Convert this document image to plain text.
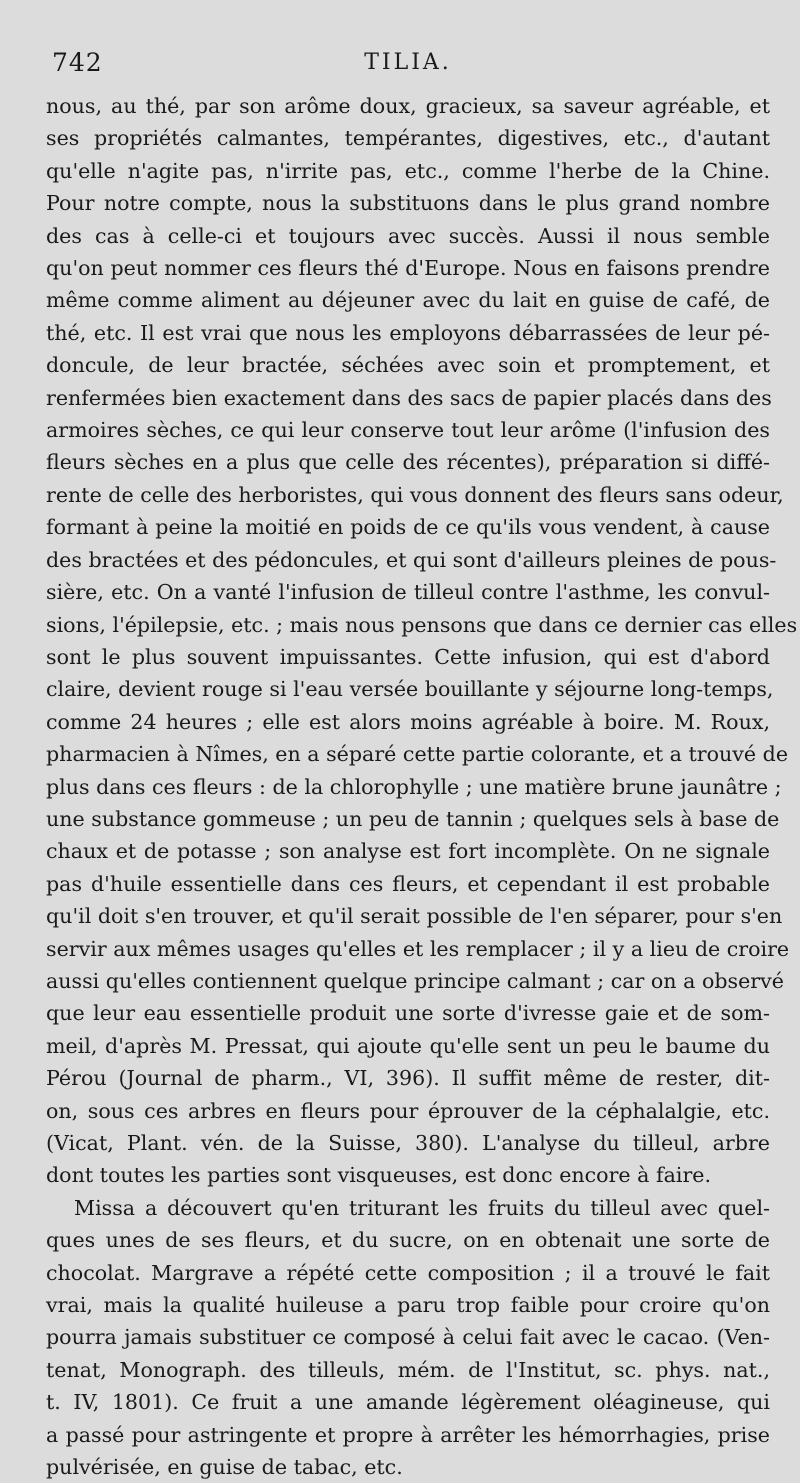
742	TILIA.

nous, au thé, par son arôme doux, gracieux, sa saveur agréable, et
ses propriétés calmantes, tempérantes, digestives, etc., d'autant
qu'elle n'agite pas, n'irrite pas, etc., comme l'herbe de la Chine.
Pour notre compte, nous la substituons dans le plus grand nombre
des cas à celle-ci et toujours avec succès. Aussi il nous semble
qu'on peut nommer ces fleurs thé d'Europe. Nous en faisons prendre
même comme aliment au déjeuner avec du lait en guise de café, de
thé, etc. Il est vrai que nous les employons débarrassées de leur pé-
doncule, de leur bractée, séchées avec soin et promptement, et
renfermées bien exactement dans des sacs de papier placés dans des
armoires sèches, ce qui leur conserve tout leur arôme (l'infusion des
fleurs sèches en a plus que celle des récentes), préparation si diffé-
rente de celle des herboristes, qui vous donnent des fleurs sans odeur,
formant à peine la moitié en poids de ce qu'ils vous vendent, à cause
des bractées et des pédoncules, et qui sont d'ailleurs pleines de pous-
sière, etc. On a vanté l'infusion de tilleul contre l'asthme, les convul-
sions, l'épilepsie, etc. ; mais nous pensons que dans ce dernier cas elles
sont le plus souvent impuissantes. Cette infusion, qui est d'abord
claire, devient rouge si l'eau versée bouillante y séjourne long-temps,
comme 24 heures ; elle est alors moins agréable à boire. M. Roux,
pharmacien à Nîmes, en a séparé cette partie colorante, et a trouvé de
plus dans ces fleurs : de la chlorophylle ; une matière brune jaunâtre ;
une substance gommeuse ; un peu de tannin ; quelques sels à base de
chaux et de potasse ; son analyse est fort incomplète. On ne signale
pas d'huile essentielle dans ces fleurs, et cependant il est probable
qu'il doit s'en trouver, et qu'il serait possible de l'en séparer, pour s'en
servir aux mêmes usages qu'elles et les remplacer ; il y a lieu de croire
aussi qu'elles contiennent quelque principe calmant ; car on a observé
que leur eau essentielle produit une sorte d'ivresse gaie et de som-
meil, d'après M. Pressat, qui ajoute qu'elle sent un peu le baume du
Pérou (Journal de pharm., VI, 396). Il suffit même de rester, dit-
on, sous ces arbres en fleurs pour éprouver de la céphalalgie, etc.
(Vicat, Plant. vén. de la Suisse, 380). L'analyse du tilleul, arbre
dont toutes les parties sont visqueuses, est donc encore à faire.

Missa a découvert qu'en triturant les fruits du tilleul avec quel-

ques unes de ses fleurs, et du sucre, on en obtenait une sorte de
chocolat. Margrave a répété cette composition ; il a trouvé le fait
vrai, mais la qualité huileuse a paru trop faible pour croire qu'on
pourra jamais substituer ce composé à celui fait avec le cacao. (Ven-
tenat, Monograph. des tilleuls, mém. de l'Institut, sc. phys. nat.,
t. IV, 1801). Ce fruit a une amande légèrement oléagineuse, qui
a passé pour astringente et propre à arrêter les hémorrhagies, prise
pulvérisée, en guise de tabac, etc.
